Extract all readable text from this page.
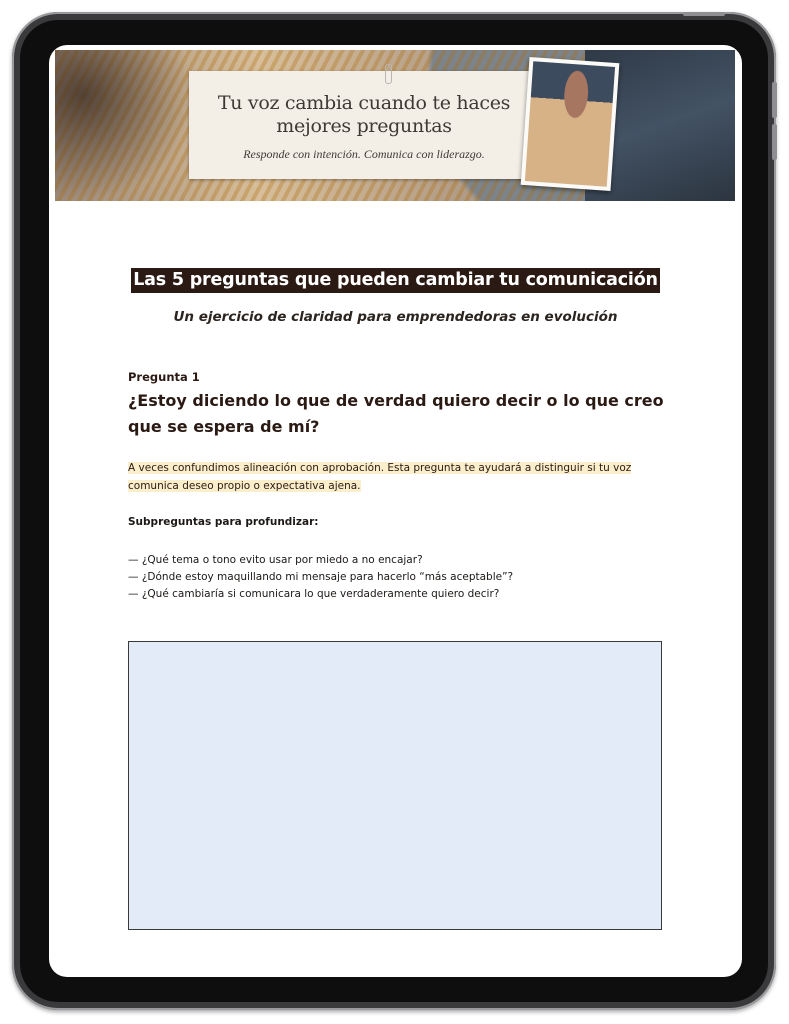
Tu voz cambia cuando te haces
mejores preguntas
Responde con intención. Comunica con liderazgo.
Las 5 preguntas que pueden cambiar tu comunicación
Un ejercicio de claridad para emprendedoras en evolución
Pregunta 1
¿Estoy diciendo lo que de verdad quiero decir o lo que creo que se espera de mí?
A veces confundimos alineación con aprobación. Esta pregunta te ayudará a distinguir si tu voz comunica deseo propio o expectativa ajena.
Subpreguntas para profundizar:
— ¿Qué tema o tono evito usar por miedo a no encajar?
— ¿Dónde estoy maquillando mi mensaje para hacerlo “más aceptable”?
— ¿Qué cambiaría si comunicara lo que verdaderamente quiero decir?
